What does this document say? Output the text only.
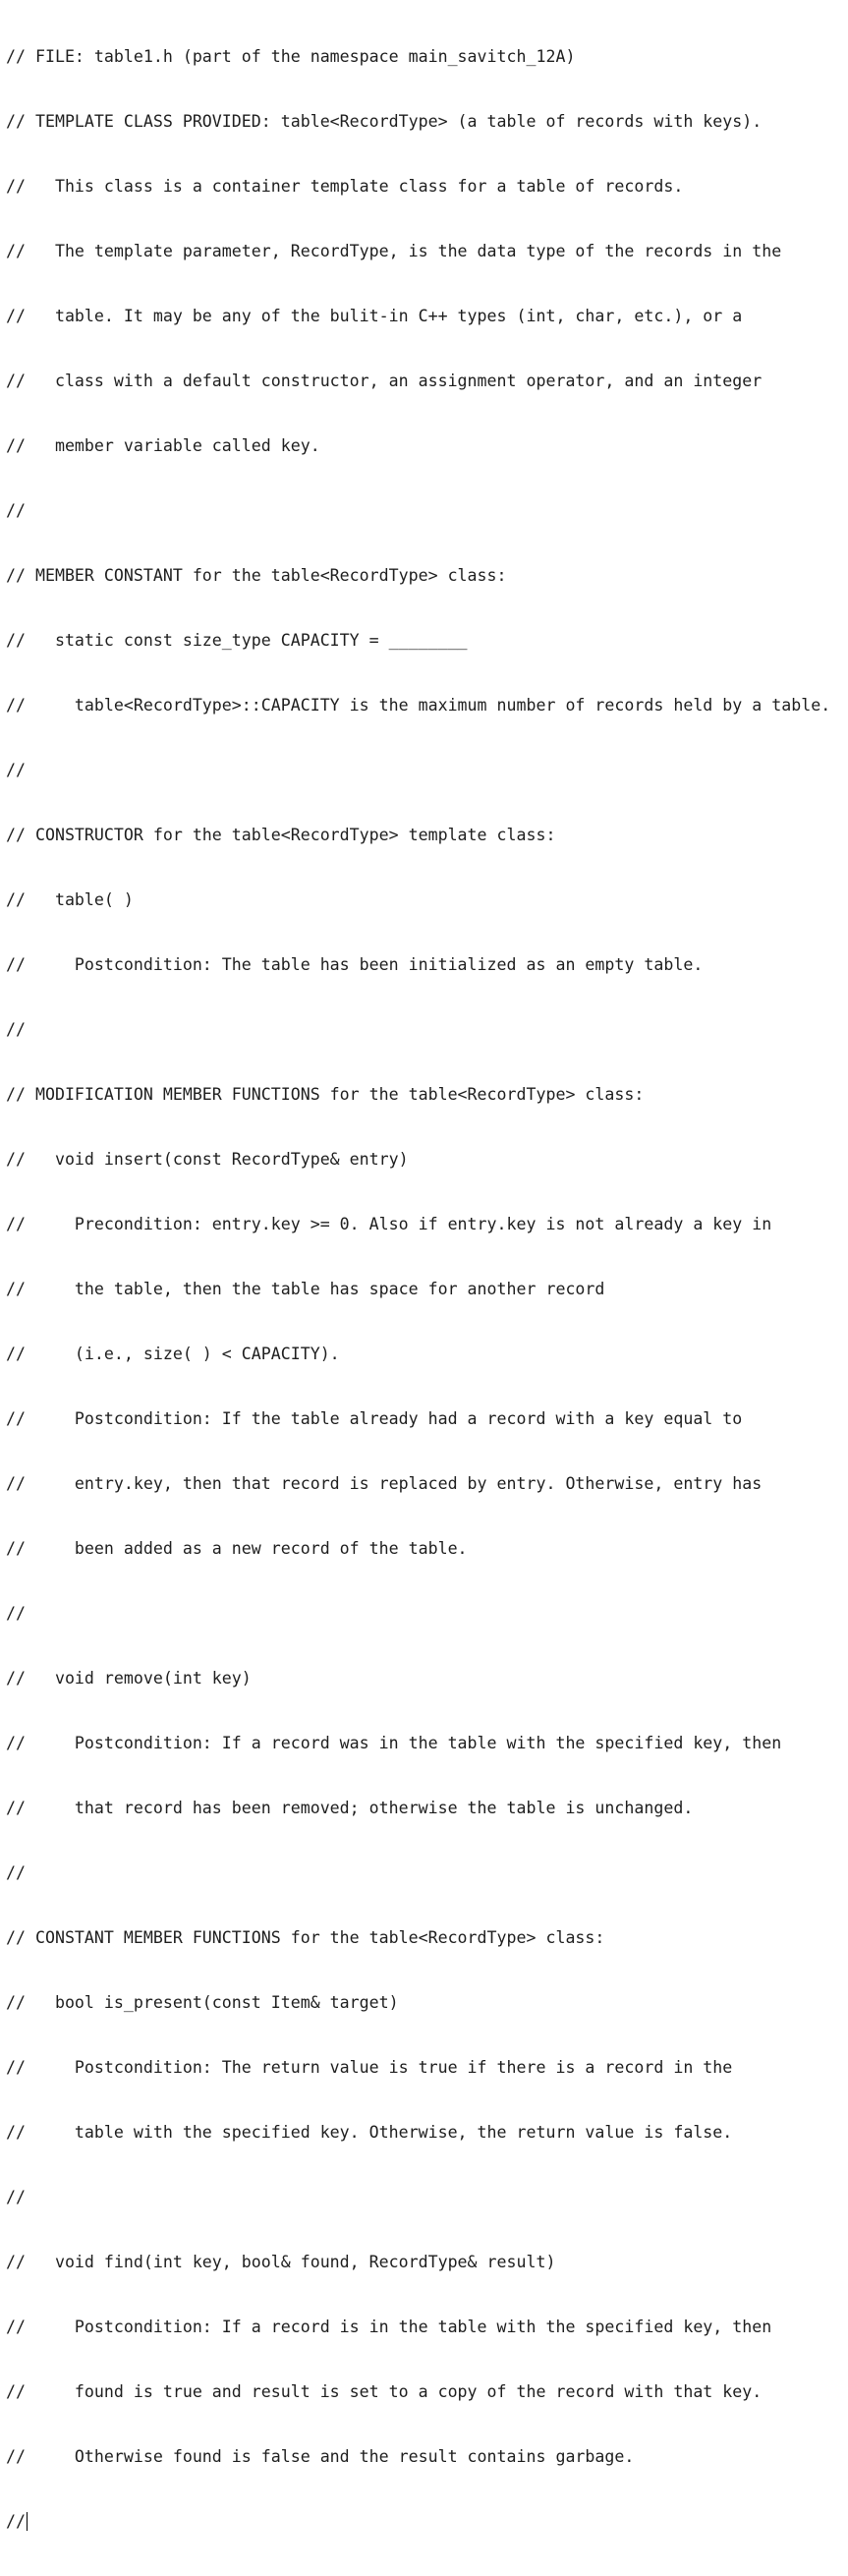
// FILE: table1.h (part of the namespace main_savitch_12A)

// TEMPLATE CLASS PROVIDED: table<RecordType> (a table of records with keys).

//   This class is a container template class for a table of records.

//   The template parameter, RecordType, is the data type of the records in the

//   table. It may be any of the bulit-in C++ types (int, char, etc.), or a

//   class with a default constructor, an assignment operator, and an integer

//   member variable called key.

//

// MEMBER CONSTANT for the table<RecordType> class:

//   static const size_type CAPACITY = ________

//     table<RecordType>::CAPACITY is the maximum number of records held by a table.

//

// CONSTRUCTOR for the table<RecordType> template class:

//   table( )

//     Postcondition: The table has been initialized as an empty table.

//

// MODIFICATION MEMBER FUNCTIONS for the table<RecordType> class:

//   void insert(const RecordType& entry)

//     Precondition: entry.key >= 0. Also if entry.key is not already a key in

//     the table, then the table has space for another record

//     (i.e., size( ) < CAPACITY).

//     Postcondition: If the table already had a record with a key equal to

//     entry.key, then that record is replaced by entry. Otherwise, entry has

//     been added as a new record of the table.

//

//   void remove(int key)

//     Postcondition: If a record was in the table with the specified key, then

//     that record has been removed; otherwise the table is unchanged.

//

// CONSTANT MEMBER FUNCTIONS for the table<RecordType> class:

//   bool is_present(const Item& target)

//     Postcondition: The return value is true if there is a record in the

//     table with the specified key. Otherwise, the return value is false.

//

//   void find(int key, bool& found, RecordType& result)

//     Postcondition: If a record is in the table with the specified key, then

//     found is true and result is set to a copy of the record with that key.

//     Otherwise found is false and the result contains garbage.

//
